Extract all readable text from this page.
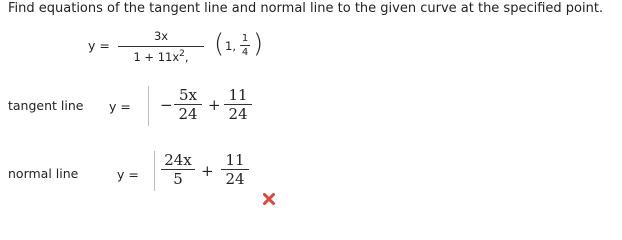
Find equations of the tangent line and normal line to the given curve at the specified point.
y =
3x
$1 + 11x^2$, ( 1,
1
4 )
tangent line y = −
5x
24 +
11
24
normal line	y =
24x
5	+
11
24
